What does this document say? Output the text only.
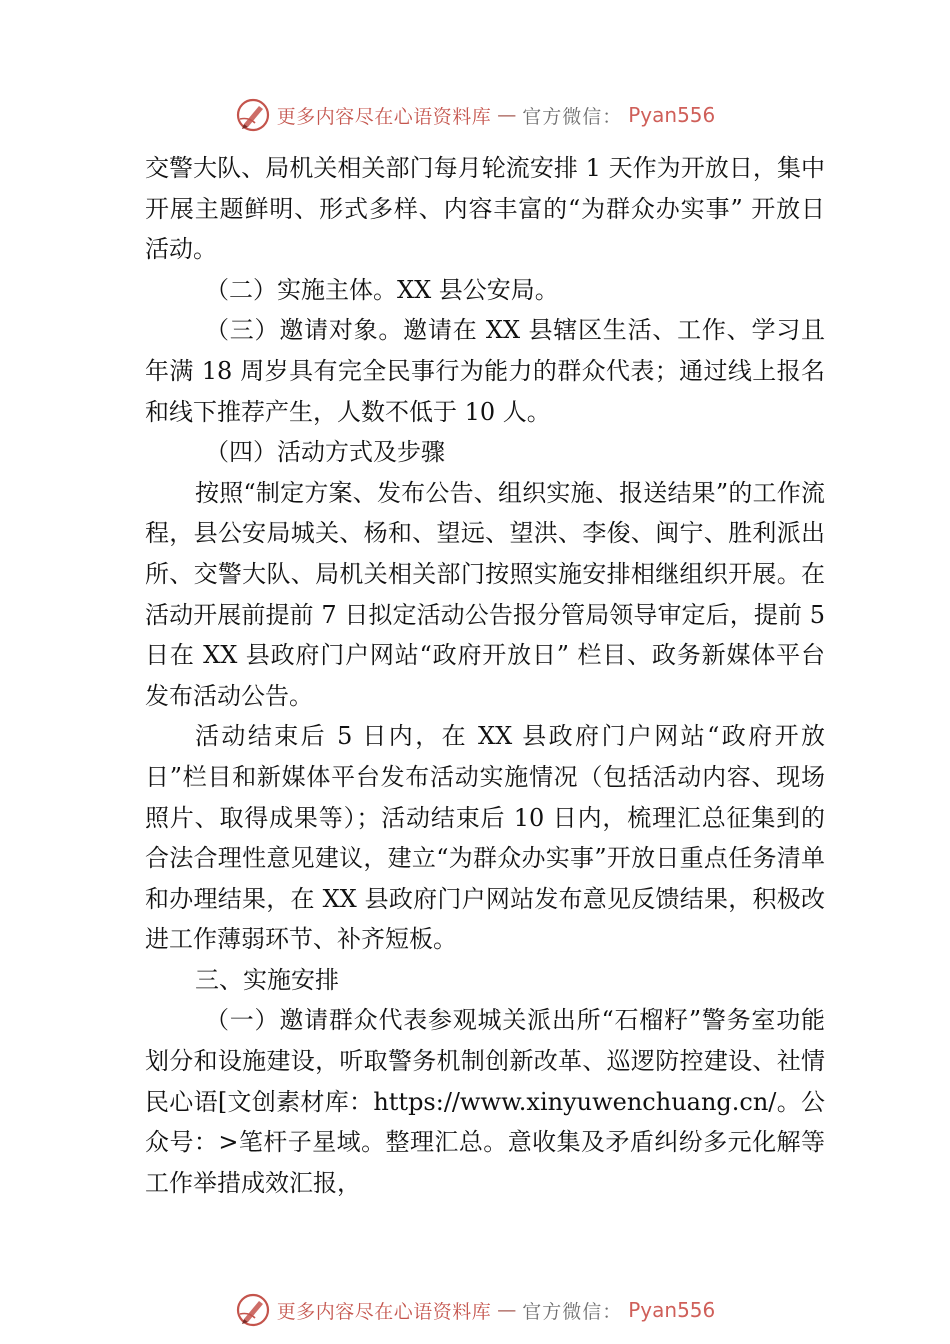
更多内容尽在心语资料库 — 官方微信： Pyan556

交警大队、局机关相关部门每月轮流安排 1 天作为开放日，集中开展主题鲜明、形式多样、内容丰富的“为群众办实事” 开放日活动。

（二）实施主体。XX 县公安局。

（三）邀请对象。邀请在 XX 县辖区生活、工作、学习且年满 18 周岁具有完全民事行为能力的群众代表；通过线上报名和线下推荐产生，人数不低于 10 人。

（四）活动方式及步骤

按照“制定方案、发布公告、组织实施、报送结果”的工作流程，县公安局城关、杨和、望远、望洪、李俊、闽宁、胜利派出所、交警大队、局机关相关部门按照实施安排相继组织开展。在活动开展前提前 7 日拟定活动公告报分管局领导审定后，提前 5 日在 XX 县政府门户网站“政府开放日” 栏目、政务新媒体平台发布活动公告。

活动结束后 5 日内，在 XX 县政府门户网站“政府开放日”栏目和新媒体平台发布活动实施情况（包括活动内容、现场照片、取得成果等）；活动结束后 10 日内，梳理汇总征集到的合法合理性意见建议，建立“为群众办实事”开放日重点任务清单和办理结果，在 XX 县政府门户网站发布意见反馈结果，积极改进工作薄弱环节、补齐短板。

三、实施安排

（一）邀请群众代表参观城关派出所“石榴籽”警务室功能划分和设施建设，听取警务机制创新改革、巡逻防控建设、社情民心语[文创素材库：https://www.xinyuwenchuang.cn/。公众号：>笔杆子星域。整理汇总。意收集及矛盾纠纷多元化解等工作举措成效汇报，

更多内容尽在心语资料库 — 官方微信： Pyan556
